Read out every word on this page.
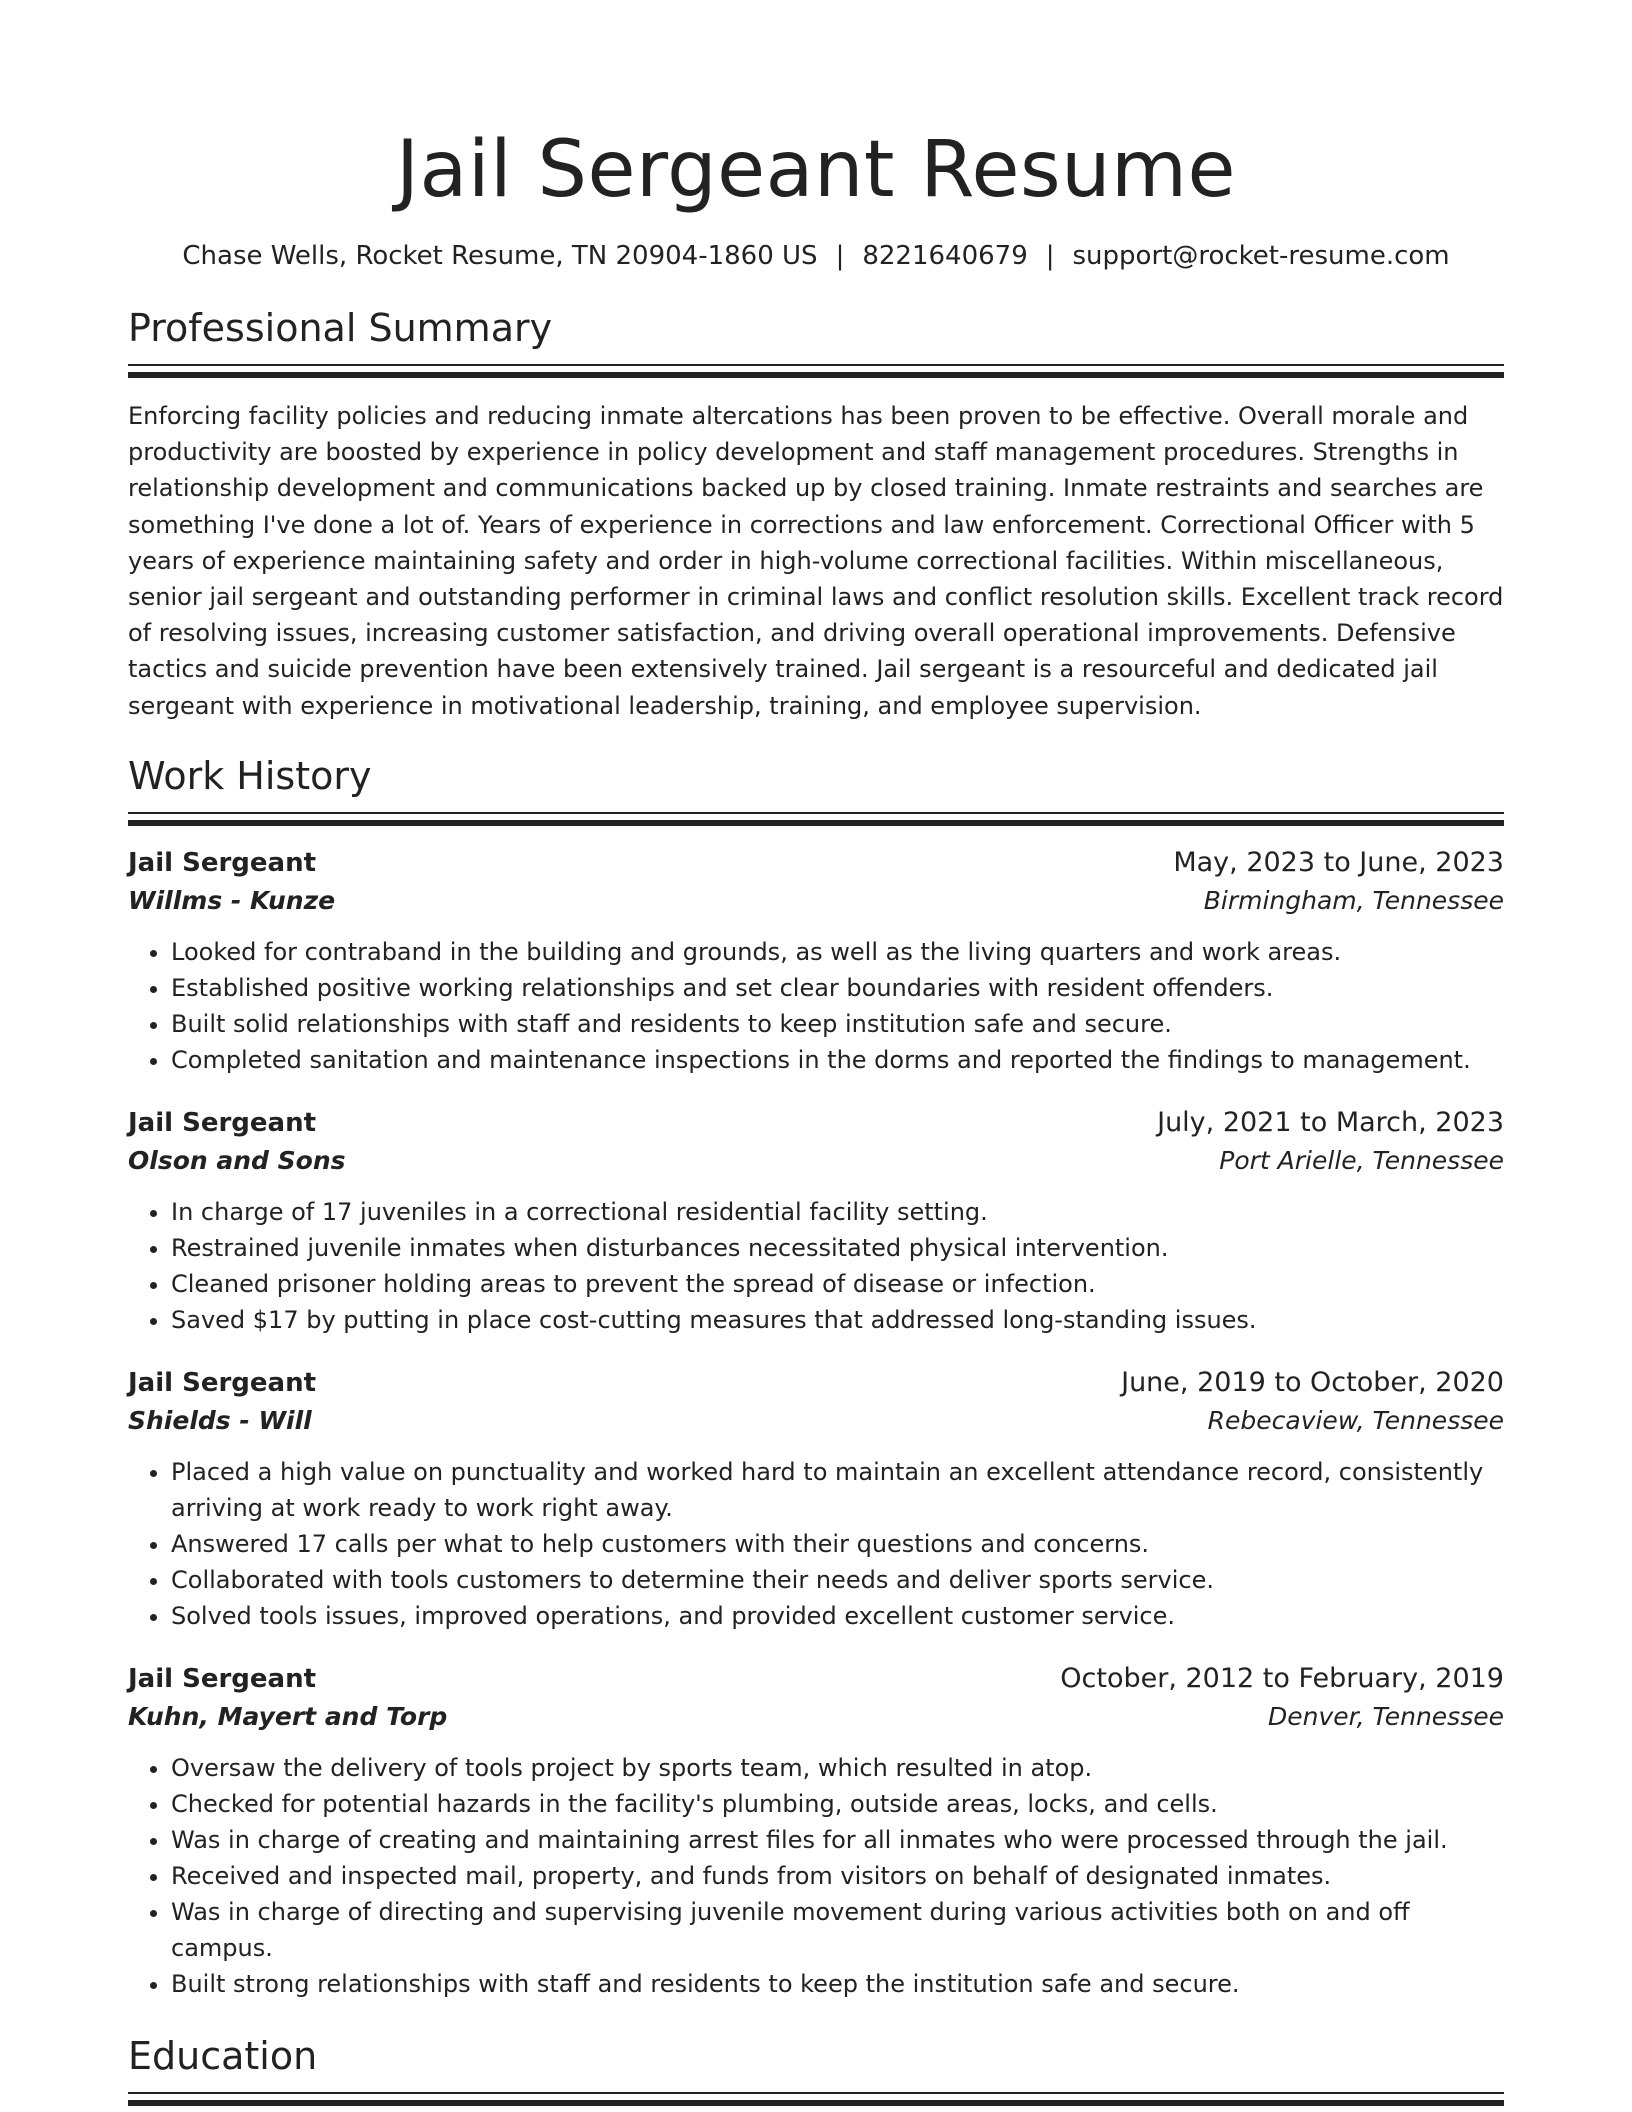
Jail Sergeant Resume
Chase Wells, Rocket Resume, TN 20904-1860 US | 8221640679 | support@rocket-resume.com
Professional Summary

Enforcing facility policies and reducing inmate altercations has been proven to be effective. Overall morale and productivity are boosted by experience in policy development and staff management procedures. Strengths in relationship development and communications backed up by closed training. Inmate restraints and searches are something I've done a lot of. Years of experience in corrections and law enforcement. Correctional Officer with 5 years of experience maintaining safety and order in high-volume correctional facilities. Within miscellaneous, senior jail sergeant and outstanding performer in criminal laws and conflict resolution skills. Excellent track record of resolving issues, increasing customer satisfaction, and driving overall operational improvements. Defensive tactics and suicide prevention have been extensively trained. Jail sergeant is a resourceful and dedicated jail sergeant with experience in motivational leadership, training, and employee supervision.

Work History
Jail Sergeant	May, 2023 to June, 2023
Willms - Kunze	Birmingham, Tennessee
• Looked for contraband in the building and grounds, as well as the living quarters and work areas.
• Established positive working relationships and set clear boundaries with resident offenders.
• Built solid relationships with staff and residents to keep institution safe and secure.
• Completed sanitation and maintenance inspections in the dorms and reported the findings to management.
Jail Sergeant	July, 2021 to March, 2023
Olson and Sons	Port Arielle, Tennessee
• In charge of 17 juveniles in a correctional residential facility setting.
• Restrained juvenile inmates when disturbances necessitated physical intervention.
• Cleaned prisoner holding areas to prevent the spread of disease or infection.
• Saved $17 by putting in place cost-cutting measures that addressed long-standing issues.
Jail Sergeant	June, 2019 to October, 2020
Shields - Will	Rebecaview, Tennessee
• Placed a high value on punctuality and worked hard to maintain an excellent attendance record, consistently arriving at work ready to work right away.
• Answered 17 calls per what to help customers with their questions and concerns.
• Collaborated with tools customers to determine their needs and deliver sports service.
• Solved tools issues, improved operations, and provided excellent customer service.
Jail Sergeant	October, 2012 to February, 2019
Kuhn, Mayert and Torp	Denver, Tennessee
• Oversaw the delivery of tools project by sports team, which resulted in atop.
• Checked for potential hazards in the facility's plumbing, outside areas, locks, and cells.
• Was in charge of creating and maintaining arrest files for all inmates who were processed through the jail.
• Received and inspected mail, property, and funds from visitors on behalf of designated inmates.
• Was in charge of directing and supervising juvenile movement during various activities both on and off campus.
• Built strong relationships with staff and residents to keep the institution safe and secure.
Education
